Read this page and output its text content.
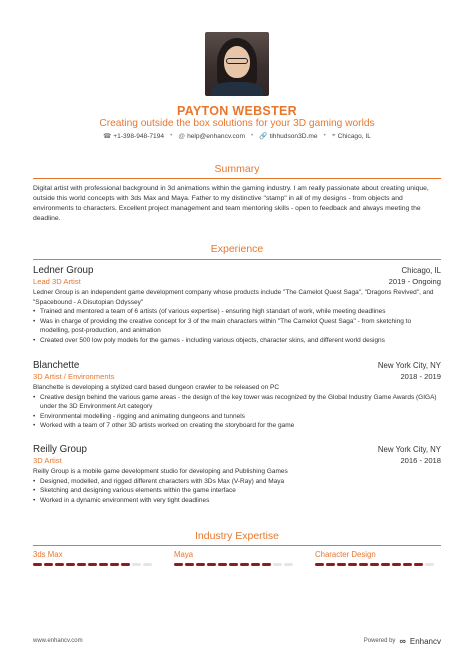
PAYTON WEBSTER
Creating outside the box solutions for your 3D gaming worlds
☎ +1-398-948-7194 • @ help@enhancv.com • 🔗 tihhudson3D.me • ⌖ Chicago, IL
Summary
Digital artist with professional background in 3d animations within the gaming industry. I am really passionate about creating unique, outside this world concepts with 3ds Max and Maya. Father to my distinctive "stamp" in all of my designs - from objects and environments to characters. Excellent project management and team mentoring skills - open to feedback and always meeting the deadline.
Experience
Ledner Group	Chicago, IL
Lead 3D Artist	2019 - Ongoing
Ledner Group is an independent game development company whose products include "The Camelot Quest Saga", "Dragons Revived", and "Spacebound - A Disutopian Odyssey"
• Trained and mentored a team of 6 artists (of various expertise) - ensuring high standart of work, while meeting deadlines
• Was in charge of providing the creative concept for 3 of the main characters within "The Camelot Quest Saga" - from sketching to modelling, post-production, and animation
• Created over 500 low poly models for the games - including various objects, character skins, and different world designs
Blanchette	New York City, NY
3D Artist / Environments	2018 - 2019
Blanchette is developing a stylized card based dungeon crawler to be released on PC
• Creative design behind the various game areas - the design of the key tower was recognized by the Global Industry Game Awards (GIGA) under the 3D Environment Art category
• Environmental modelling - rigging and animating dungeons and tunnels
• Worked with a team of 7 other 3D artists worked on creating the storyboard for the game
Reilly Group	New York City, NY
3D Artist	2016 - 2018
Reilly Group is a mobile game development studio for developing and Publishing Games
• Designed, modelled, and rigged different characters with 3Ds Max (V-Ray) and Maya
• Sketching and designing various elements within the game interface
• Worked in a dynamic environment with very tight deadlines
Industry Expertise
3ds Max	Maya	Character Design
www.enhancv.com	Powered by ∞ Enhancv
